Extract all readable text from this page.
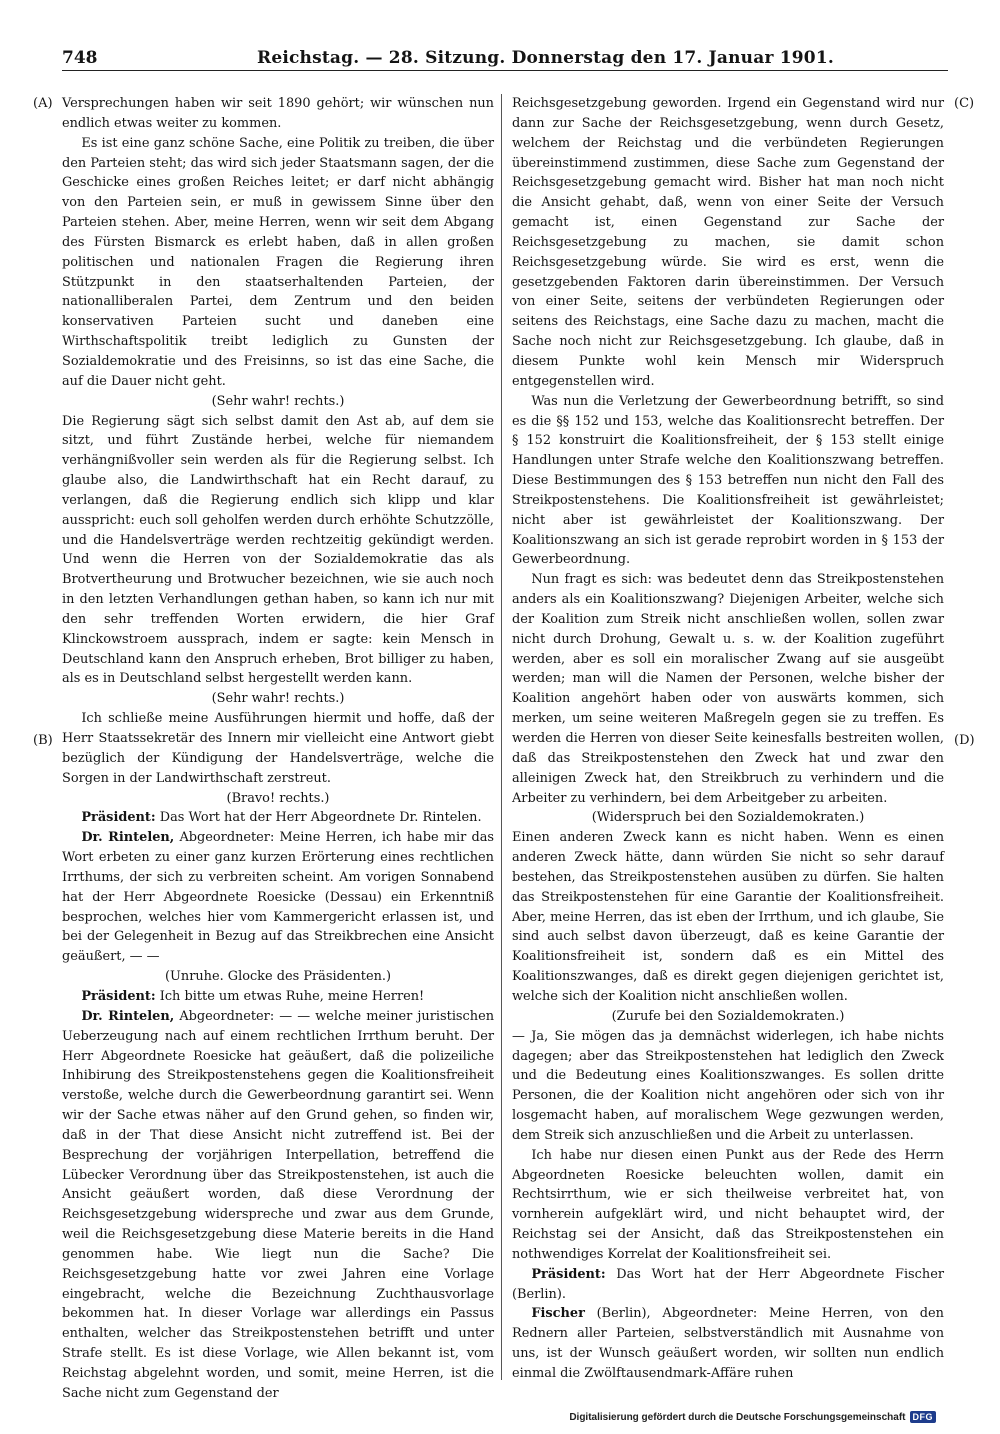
748	Reichstag. — 28. Sitzung. Donnerstag den 17. Januar 1901.
(A)
(B)
(C)
(D)

Versprechungen haben wir seit 1890 gehört; wir wünschen nun endlich etwas weiter zu kommen.

Es ist eine ganz schöne Sache, eine Politik zu treiben, die über den Parteien steht; das wird sich jeder Staatsmann sagen, der die Geschicke eines großen Reiches leitet; er darf nicht abhängig von den Parteien sein, er muß in gewissem Sinne über den Parteien stehen. Aber, meine Herren, wenn wir seit dem Abgang des Fürsten Bismarck es erlebt haben, daß in allen großen politischen und nationalen Fragen die Regierung ihren Stützpunkt in den staatserhaltenden Parteien, der nationalliberalen Partei, dem Zentrum und den beiden konservativen Parteien sucht und daneben eine Wirthschaftspolitik treibt lediglich zu Gunsten der Sozialdemokratie und des Freisinns, so ist das eine Sache, die auf die Dauer nicht geht.

(Sehr wahr! rechts.)

Die Regierung sägt sich selbst damit den Ast ab, auf dem sie sitzt, und führt Zustände herbei, welche für niemandem verhängnißvoller sein werden als für die Regierung selbst. Ich glaube also, die Landwirthschaft hat ein Recht darauf, zu verlangen, daß die Regierung endlich sich klipp und klar ausspricht: euch soll geholfen werden durch erhöhte Schutzzölle, und die Handelsverträge werden rechtzeitig gekündigt werden. Und wenn die Herren von der Sozialdemokratie das als Brotvertheurung und Brotwucher bezeichnen, wie sie auch noch in den letzten Verhandlungen gethan haben, so kann ich nur mit den sehr treffenden Worten erwidern, die hier Graf Klinckowstroem aussprach, indem er sagte: kein Mensch in Deutschland kann den Anspruch erheben, Brot billiger zu haben, als es in Deutschland selbst hergestellt werden kann.

(Sehr wahr! rechts.)

Ich schließe meine Ausführungen hiermit und hoffe, daß der Herr Staatssekretär des Innern mir vielleicht eine Antwort giebt bezüglich der Kündigung der Handelsverträge, welche die Sorgen in der Landwirthschaft zerstreut.

(Bravo! rechts.)

Präsident: Das Wort hat der Herr Abgeordnete Dr. Rintelen.

Dr. Rintelen, Abgeordneter: Meine Herren, ich habe mir das Wort erbeten zu einer ganz kurzen Erörterung eines rechtlichen Irrthums, der sich zu verbreiten scheint. Am vorigen Sonnabend hat der Herr Abgeordnete Roesicke (Dessau) ein Erkenntniß besprochen, welches hier vom Kammergericht erlassen ist, und bei der Gelegenheit in Bezug auf das Streikbrechen eine Ansicht geäußert, — —

(Unruhe. Glocke des Präsidenten.)

Präsident: Ich bitte um etwas Ruhe, meine Herren!

Dr. Rintelen, Abgeordneter: — — welche meiner juristischen Ueberzeugung nach auf einem rechtlichen Irrthum beruht. Der Herr Abgeordnete Roesicke hat geäußert, daß die polizeiliche Inhibirung des Streikpostenstehens gegen die Koalitionsfreiheit verstoße, welche durch die Gewerbeordnung garantirt sei. Wenn wir der Sache etwas näher auf den Grund gehen, so finden wir, daß in der That diese Ansicht nicht zutreffend ist. Bei der Besprechung der vorjährigen Interpellation, betreffend die Lübecker Verordnung über das Streikpostenstehen, ist auch die Ansicht geäußert worden, daß diese Verordnung der Reichsgesetzgebung widerspreche und zwar aus dem Grunde, weil die Reichsgesetzgebung diese Materie bereits in die Hand genommen habe. Wie liegt nun die Sache? Die Reichsgesetzgebung hatte vor zwei Jahren eine Vorlage eingebracht, welche die Bezeichnung Zuchthausvorlage bekommen hat. In dieser Vorlage war allerdings ein Passus enthalten, welcher das Streikpostenstehen betrifft und unter Strafe stellt. Es ist diese Vorlage, wie Allen bekannt ist, vom Reichstag abgelehnt worden, und somit, meine Herren, ist die Sache nicht zum Gegenstand der

Reichsgesetzgebung geworden. Irgend ein Gegenstand wird nur dann zur Sache der Reichsgesetzgebung, wenn durch Gesetz, welchem der Reichstag und die verbündeten Regierungen übereinstimmend zustimmen, diese Sache zum Gegenstand der Reichsgesetzgebung gemacht wird. Bisher hat man noch nicht die Ansicht gehabt, daß, wenn von einer Seite der Versuch gemacht ist, einen Gegenstand zur Sache der Reichsgesetzgebung zu machen, sie damit schon Reichsgesetzgebung würde. Sie wird es erst, wenn die gesetzgebenden Faktoren darin übereinstimmen. Der Versuch von einer Seite, seitens der verbündeten Regierungen oder seitens des Reichstags, eine Sache dazu zu machen, macht die Sache noch nicht zur Reichsgesetzgebung. Ich glaube, daß in diesem Punkte wohl kein Mensch mir Widerspruch entgegenstellen wird.

Was nun die Verletzung der Gewerbeordnung betrifft, so sind es die §§ 152 und 153, welche das Koalitionsrecht betreffen. Der § 152 konstruirt die Koalitionsfreiheit, der § 153 stellt einige Handlungen unter Strafe welche den Koalitionszwang betreffen. Diese Bestimmungen des § 153 betreffen nun nicht den Fall des Streikpostenstehens. Die Koalitionsfreiheit ist gewährleistet; nicht aber ist gewährleistet der Koalitionszwang. Der Koalitionszwang an sich ist gerade reprobirt worden in § 153 der Gewerbeordnung.

Nun fragt es sich: was bedeutet denn das Streikpostenstehen anders als ein Koalitionszwang? Diejenigen Arbeiter, welche sich der Koalition zum Streik nicht anschließen wollen, sollen zwar nicht durch Drohung, Gewalt u. s. w. der Koalition zugeführt werden, aber es soll ein moralischer Zwang auf sie ausgeübt werden; man will die Namen der Personen, welche bisher der Koalition angehört haben oder von auswärts kommen, sich merken, um seine weiteren Maßregeln gegen sie zu treffen. Es werden die Herren von dieser Seite keinesfalls bestreiten wollen, daß das Streikpostenstehen den Zweck hat und zwar den alleinigen Zweck hat, den Streikbruch zu verhindern und die Arbeiter zu verhindern, bei dem Arbeitgeber zu arbeiten.

(Widerspruch bei den Sozialdemokraten.)

Einen anderen Zweck kann es nicht haben. Wenn es einen anderen Zweck hätte, dann würden Sie nicht so sehr darauf bestehen, das Streikpostenstehen ausüben zu dürfen. Sie halten das Streikpostenstehen für eine Garantie der Koalitionsfreiheit. Aber, meine Herren, das ist eben der Irrthum, und ich glaube, Sie sind auch selbst davon überzeugt, daß es keine Garantie der Koalitionsfreiheit ist, sondern daß es ein Mittel des Koalitionszwanges, daß es direkt gegen diejenigen gerichtet ist, welche sich der Koalition nicht anschließen wollen.

(Zurufe bei den Sozialdemokraten.)

— Ja, Sie mögen das ja demnächst widerlegen, ich habe nichts dagegen; aber das Streikpostenstehen hat lediglich den Zweck und die Bedeutung eines Koalitionszwanges. Es sollen dritte Personen, die der Koalition nicht angehören oder sich von ihr losgemacht haben, auf moralischem Wege gezwungen werden, dem Streik sich anzuschließen und die Arbeit zu unterlassen.

Ich habe nur diesen einen Punkt aus der Rede des Herrn Abgeordneten Roesicke beleuchten wollen, damit ein Rechtsirrthum, wie er sich theilweise verbreitet hat, von vornherein aufgeklärt wird, und nicht behauptet wird, der Reichstag sei der Ansicht, daß das Streikpostenstehen ein nothwendiges Korrelat der Koalitionsfreiheit sei.

Präsident: Das Wort hat der Herr Abgeordnete Fischer (Berlin).

Fischer (Berlin), Abgeordneter: Meine Herren, von den Rednern aller Parteien, selbstverständlich mit Ausnahme von uns, ist der Wunsch geäußert worden, wir sollten nun endlich einmal die Zwölftausendmark-Affäre ruhen

Digitalisierung gefördert durch die Deutsche Forschungsgemeinschaft DFG
